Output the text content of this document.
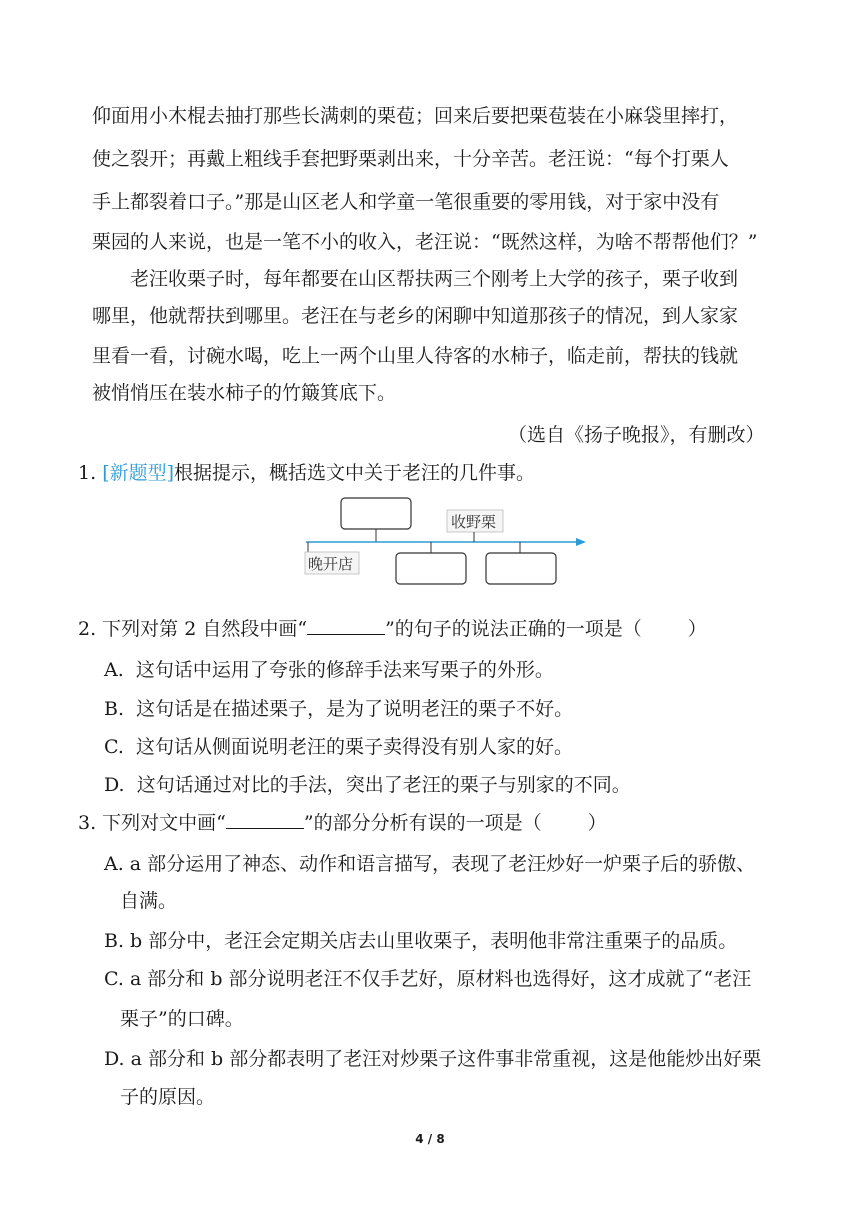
仰面用小木棍去抽打那些长满刺的栗苞；回来后要把栗苞装在小麻袋里摔打，
使之裂开；再戴上粗线手套把野栗剥出来，十分辛苦。老汪说：“每个打栗人
手上都裂着口子。”那是山区老人和学童一笔很重要的零用钱，对于家中没有
栗园的人来说，也是一笔不小的收入，老汪说：“既然这样，为啥不帮帮他们？”
老汪收栗子时，每年都要在山区帮扶两三个刚考上大学的孩子，栗子收到
哪里，他就帮扶到哪里。老汪在与老乡的闲聊中知道那孩子的情况，到人家家
里看一看，讨碗水喝，吃上一两个山里人待客的水柿子，临走前，帮扶的钱就
被悄悄压在装水柿子的竹簸箕底下。
（选自《扬子晚报》，有删改）
1. [新题型]根据提示，概括选文中关于老汪的几件事。
晚开店
收野栗
2. 下列对第 2 自然段中画“	”的句子的说法正确的一项是（ ）
A. 这句话中运用了夸张的修辞手法来写栗子的外形。
B. 这句话是在描述栗子，是为了说明老汪的栗子不好。
C. 这句话从侧面说明老汪的栗子卖得没有别人家的好。
D. 这句话通过对比的手法，突出了老汪的栗子与别家的不同。
3. 下列对文中画“	”的部分分析有误的一项是（ ）
A. a 部分运用了神态、动作和语言描写，表现了老汪炒好一炉栗子后的骄傲、
自满。
B. b 部分中，老汪会定期关店去山里收栗子，表明他非常注重栗子的品质。
C. a 部分和 b 部分说明老汪不仅手艺好，原材料也选得好，这才成就了“老汪
栗子”的口碑。
D. a 部分和 b 部分都表明了老汪对炒栗子这件事非常重视，这是他能炒出好栗
子的原因。
4 / 8
